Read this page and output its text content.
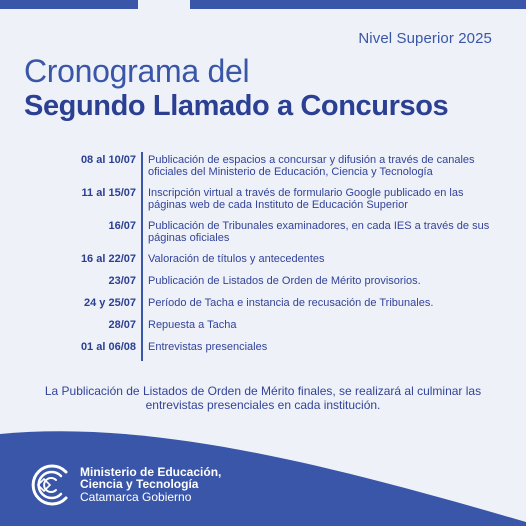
Nivel Superior 2025
Cronograma del
Segundo Llamado a Concursos
08 al 10/07	Publicación de espacios a concursar y difusión a través de canales oficiales del Ministerio de Educación, Ciencia y Tecnología
11 al 15/07	Inscripción virtual a través de formulario Google publicado en las páginas web de cada Instituto de Educación Superior
16/07	Publicación de Tribunales examinadores, en cada IES a través de sus páginas oficiales
16 al 22/07	Valoración de títulos y antecedentes
23/07	Publicación de Listados de Orden de Mérito provisorios.
24 y 25/07	Período de Tacha e instancia de recusación de Tribunales.
28/07	Repuesta a Tacha
01 al 06/08	Entrevistas presenciales
La Publicación de Listados de Orden de Mérito finales, se realizará al culminar las entrevistas presenciales en cada institución.
Ministerio de Educación,
Ciencia y Tecnología
Catamarca Gobierno
